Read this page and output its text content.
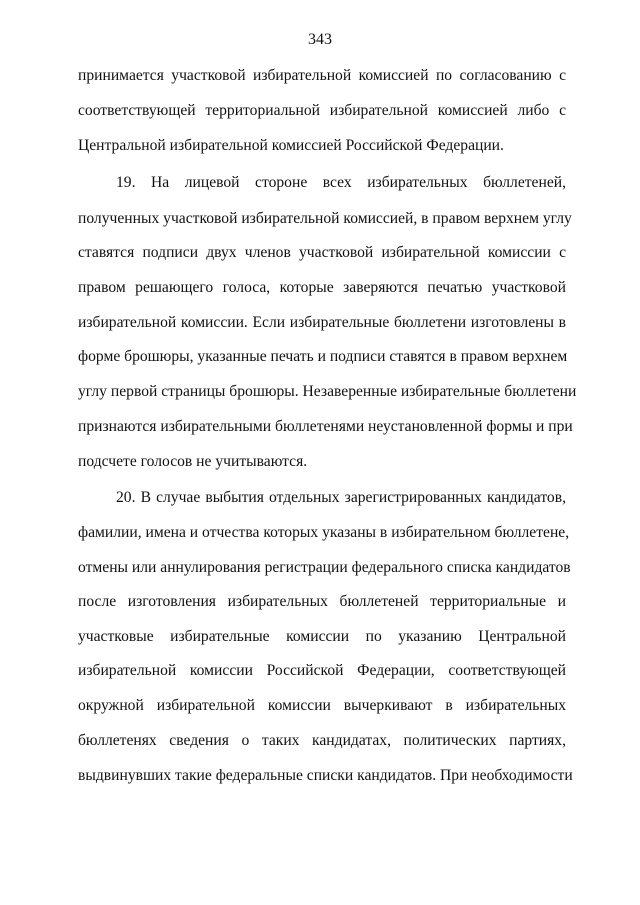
343
принимается участковой избирательной комиссией по согласованию с
соответствующей территориальной избирательной комиссией либо с
Центральной избирательной комиссией Российской Федерации.
19. На лицевой стороне всех избирательных бюллетеней,
полученных участковой избирательной комиссией, в правом верхнем углу
ставятся подписи двух членов участковой избирательной комиссии с
правом решающего голоса, которые заверяются печатью участковой
избирательной комиссии. Если избирательные бюллетени изготовлены в
форме брошюры, указанные печать и подписи ставятся в правом верхнем
углу первой страницы брошюры. Незаверенные избирательные бюллетени
признаются избирательными бюллетенями неустановленной формы и при
подсчете голосов не учитываются.
20. В случае выбытия отдельных зарегистрированных кандидатов,
фамилии, имена и отчества которых указаны в избирательном бюллетене,
отмены или аннулирования регистрации федерального списка кандидатов
после изготовления избирательных бюллетеней территориальные и
участковые избирательные комиссии по указанию Центральной
избирательной комиссии Российской Федерации, соответствующей
окружной избирательной комиссии вычеркивают в избирательных
бюллетенях сведения о таких кандидатах, политических партиях,
выдвинувших такие федеральные списки кандидатов. При необходимости
